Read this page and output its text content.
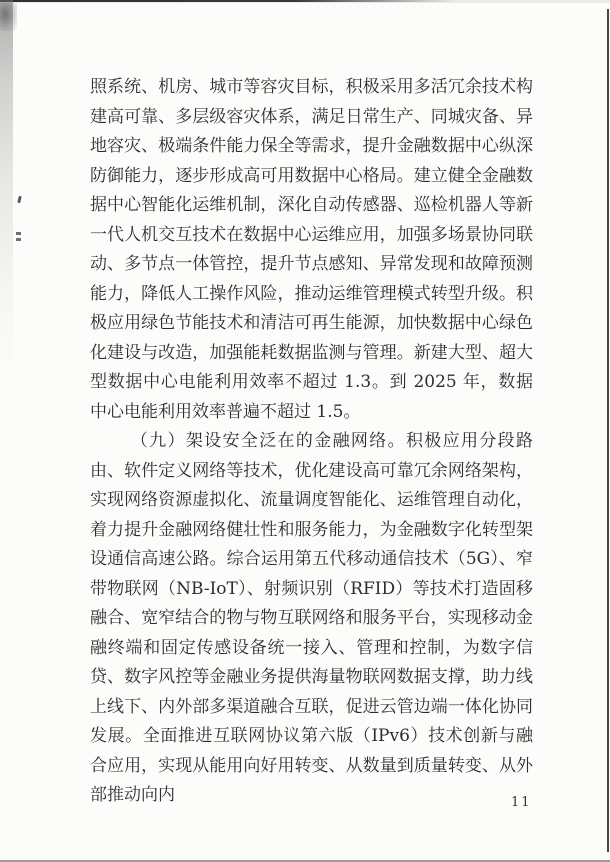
照系统、机房、城市等容灾目标，积极采用多活冗余技术构建高可靠、多层级容灾体系，满足日常生产、同城灾备、异地容灾、极端条件能力保全等需求，提升金融数据中心纵深防御能力，逐步形成高可用数据中心格局。建立健全金融数据中心智能化运维机制，深化自动传感器、巡检机器人等新一代人机交互技术在数据中心运维应用，加强多场景协同联动、多节点一体管控，提升节点感知、异常发现和故障预测能力，降低人工操作风险，推动运维管理模式转型升级。积极应用绿色节能技术和清洁可再生能源，加快数据中心绿色化建设与改造，加强能耗数据监测与管理。新建大型、超大型数据中心电能利用效率不超过 1.3。到 2025 年，数据中心电能利用效率普遍不超过 1.5。

（九）架设安全泛在的金融网络。积极应用分段路由、软件定义网络等技术，优化建设高可靠冗余网络架构，实现网络资源虚拟化、流量调度智能化、运维管理自动化，着力提升金融网络健壮性和服务能力，为金融数字化转型架设通信高速公路。综合运用第五代移动通信技术（5G）、窄带物联网（NB-IoT）、射频识别（RFID）等技术打造固移融合、宽窄结合的物与物互联网络和服务平台，实现移动金融终端和固定传感设备统一接入、管理和控制，为数字信贷、数字风控等金融业务提供海量物联网数据支撑，助力线上线下、内外部多渠道融合互联，促进云管边端一体化协同发展。全面推进互联网协议第六版（IPv6）技术创新与融合应用，实现从能用向好用转变、从数量到质量转变、从外部推动向内	11
